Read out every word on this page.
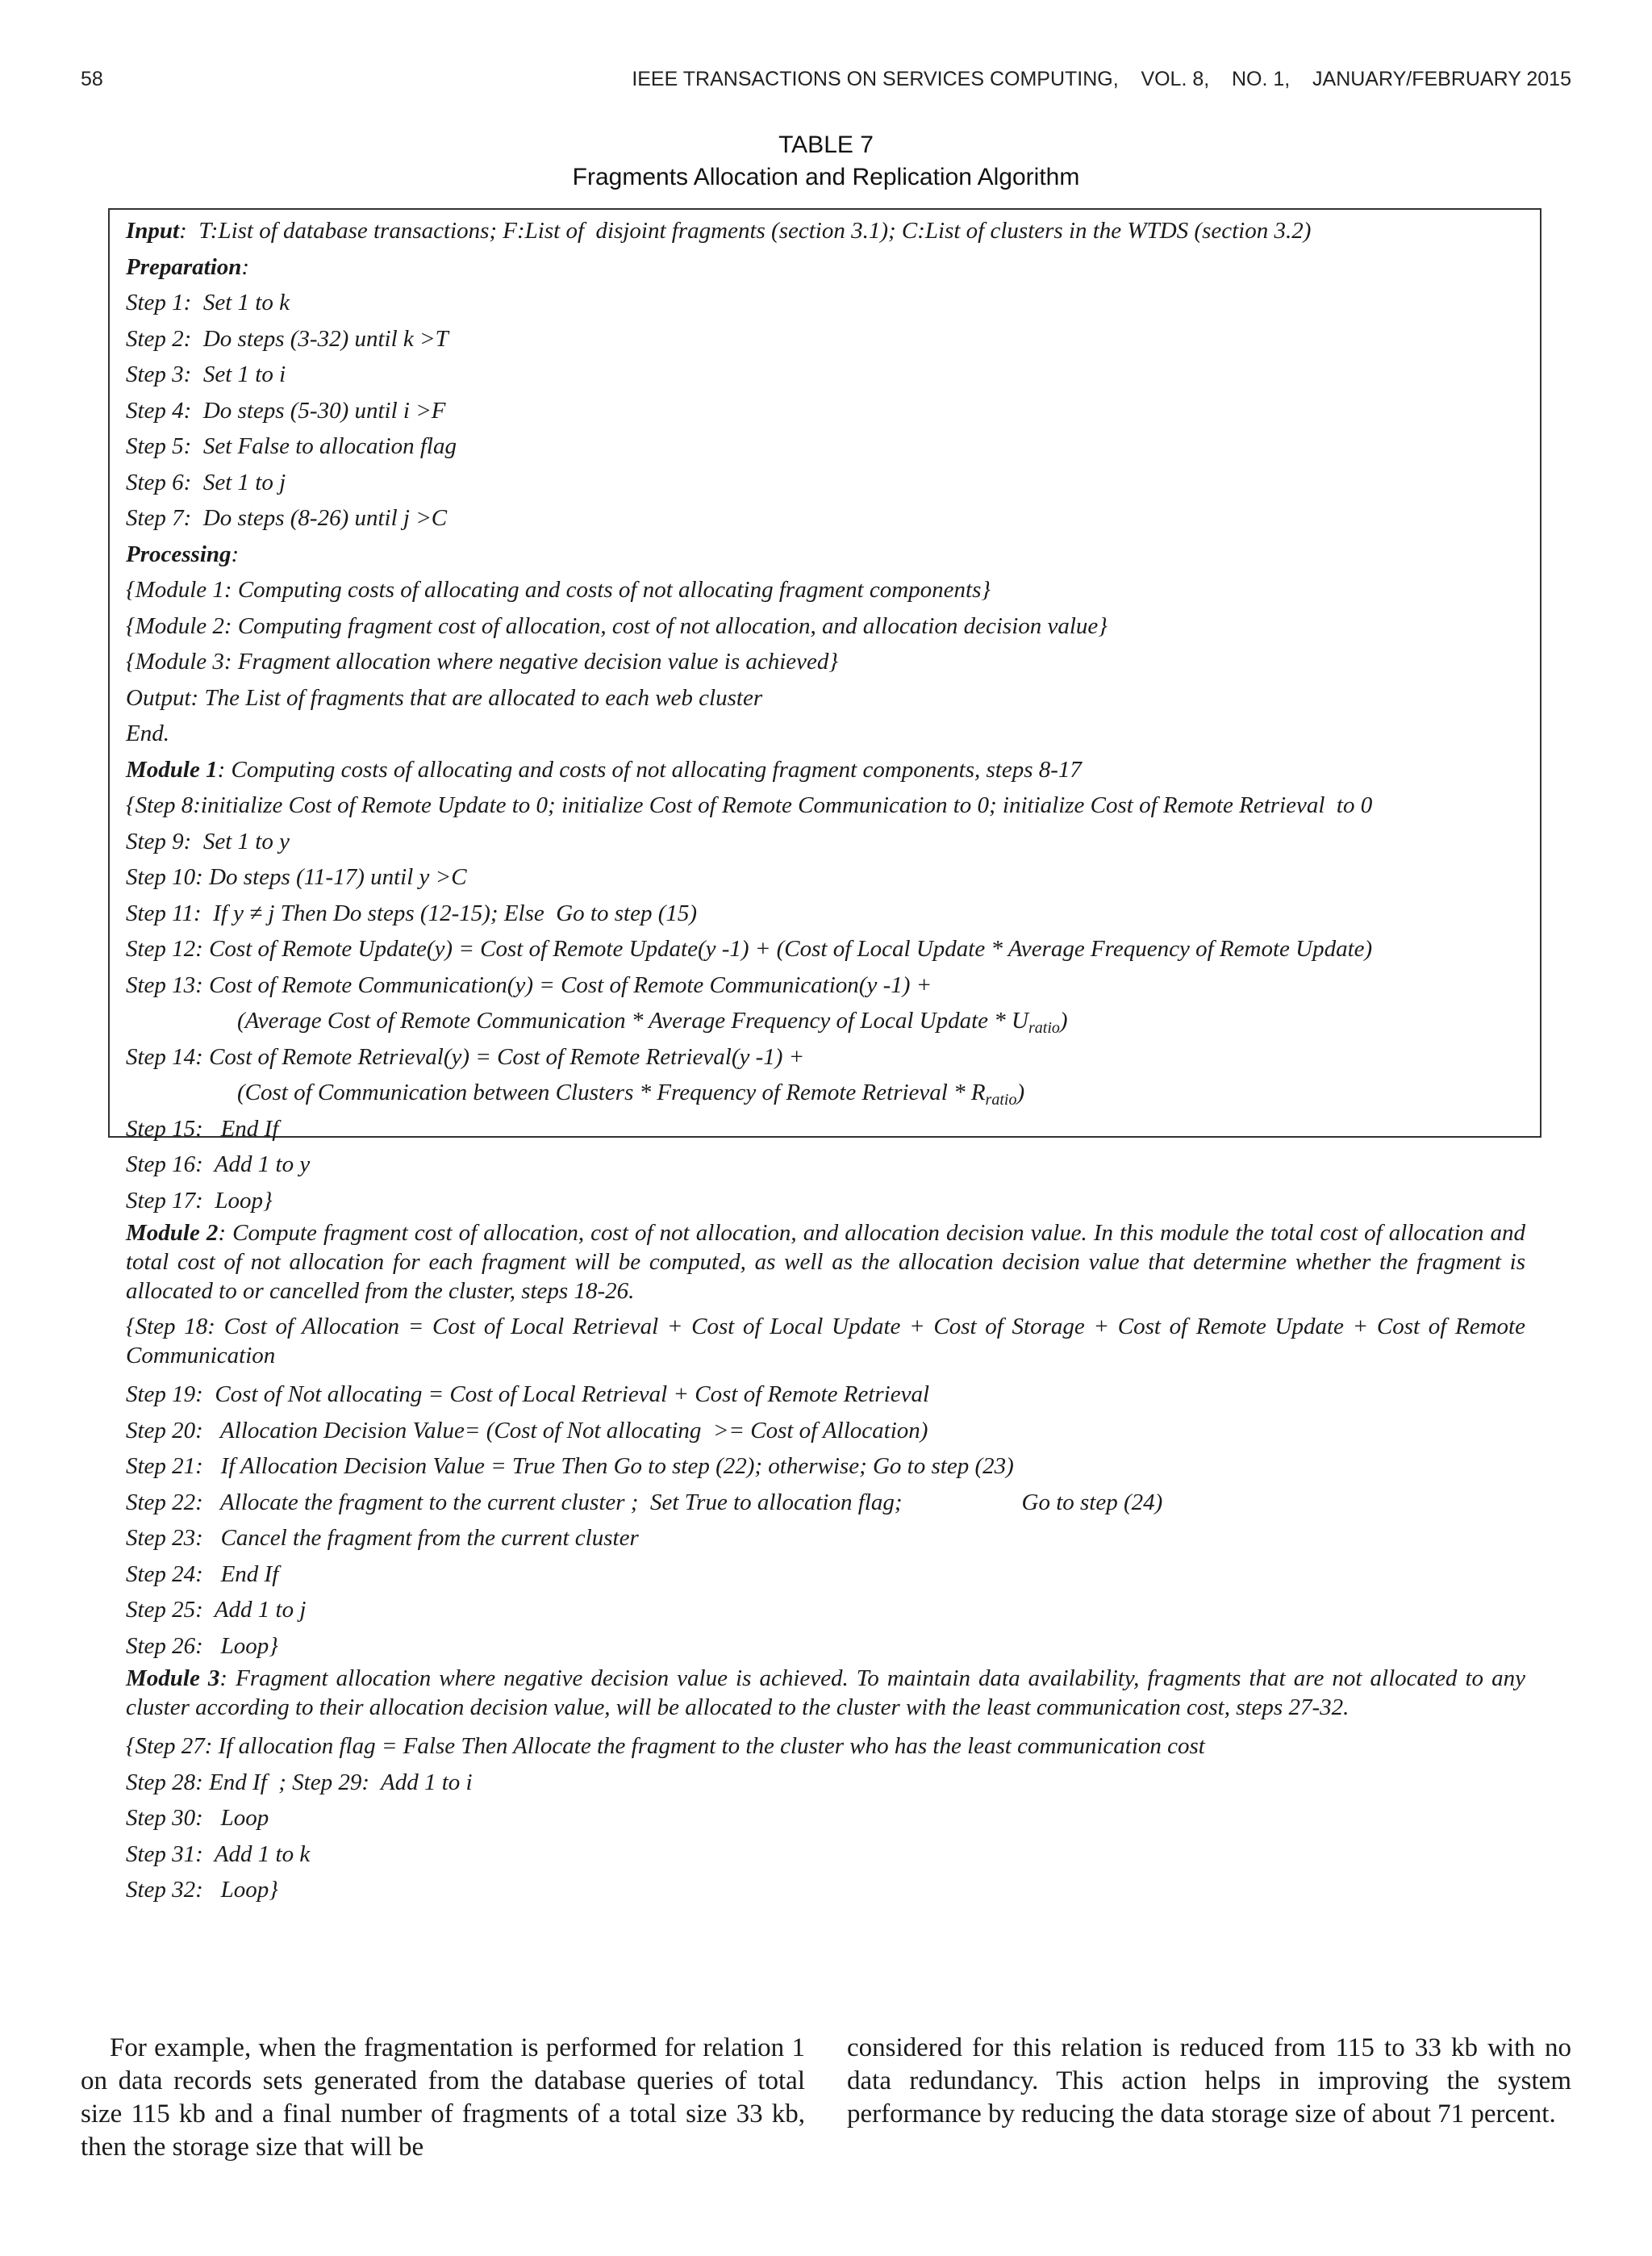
58	IEEE TRANSACTIONS ON SERVICES COMPUTING,    VOL. 8,    NO. 1,    JANUARY/FEBRUARY 2015
TABLE 7
Fragments Allocation and Replication Algorithm
Input:  T:List of database transactions; F:List of  disjoint fragments (section 3.1); C:List of clusters in the WTDS (section 3.2)
Preparation:
Step 1:  Set 1 to k
Step 2:  Do steps (3-32) until k >T
Step 3:  Set 1 to i
Step 4:  Do steps (5-30) until i >F
Step 5:  Set False to allocation flag
Step 6:  Set 1 to j
Step 7:  Do steps (8-26) until j >C
Processing:
{Module 1: Computing costs of allocating and costs of not allocating fragment components}
{Module 2: Computing fragment cost of allocation, cost of not allocation, and allocation decision value}
{Module 3: Fragment allocation where negative decision value is achieved}
Output: The List of fragments that are allocated to each web cluster
End.
Module 1: Computing costs of allocating and costs of not allocating fragment components, steps 8-17
{Step 8:initialize Cost of Remote Update to 0; initialize Cost of Remote Communication to 0; initialize Cost of Remote Retrieval  to 0
Step 9:  Set 1 to y
Step 10: Do steps (11-17) until y >C
Step 11:  If y ≠ j Then Do steps (12-15); Else  Go to step (15)
Step 12: Cost of Remote Update(y) = Cost of Remote Update(y -1) + (Cost of Local Update * Average Frequency of Remote Update)
Step 13: Cost of Remote Communication(y) = Cost of Remote Communication(y -1) +
(Average Cost of Remote Communication * Average Frequency of Local Update * $U_{ratio}$)
Step 14: Cost of Remote Retrieval(y) = Cost of Remote Retrieval(y -1) +
(Cost of Communication between Clusters * Frequency of Remote Retrieval * $R_{ratio}$)
Step 15:   End If
Step 16:  Add 1 to y
Step 17:  Loop}
Module 2: Compute fragment cost of allocation, cost of not allocation, and allocation decision value. In this module the total cost of allocation and total cost of not allocation for each fragment will be computed, as well as the allocation decision value that determine whether the fragment is allocated to or cancelled from the cluster, steps 18-26.
{Step 18: Cost of Allocation = Cost of Local Retrieval + Cost of Local Update + Cost of Storage + Cost of Remote Update + Cost of Remote Communication
Step 19:  Cost of Not allocating = Cost of Local Retrieval + Cost of Remote Retrieval
Step 20:   Allocation Decision Value= (Cost of Not allocating  >= Cost of Allocation)
Step 21:   If Allocation Decision Value = True Then Go to step (22); otherwise; Go to step (23)
Step 22:   Allocate the fragment to the current cluster ;  Set True to allocation flag;	Go to step (24)
Step 23:   Cancel the fragment from the current cluster
Step 24:   End If
Step 25:  Add 1 to j
Step 26:   Loop}
Module 3: Fragment allocation where negative decision value is achieved. To maintain data availability, fragments that are not allocated to any cluster according to their allocation decision value, will be allocated to the cluster with the least communication cost, steps 27-32.
{Step 27: If allocation flag = False Then Allocate the fragment to the cluster who has the least communication cost
Step 28: End If  ; Step 29:  Add 1 to i
Step 30:   Loop
Step 31:  Add 1 to k
Step 32:   Loop}
For example, when the fragmentation is performed for relation 1 on data records sets generated from the database queries of total size 115 kb and a final number of fragments of a total size 33 kb, then the storage size that will be
considered for this relation is reduced from 115 to 33 kb with no data redundancy. This action helps in improving the system performance by reducing the data storage size of about 71 percent.
